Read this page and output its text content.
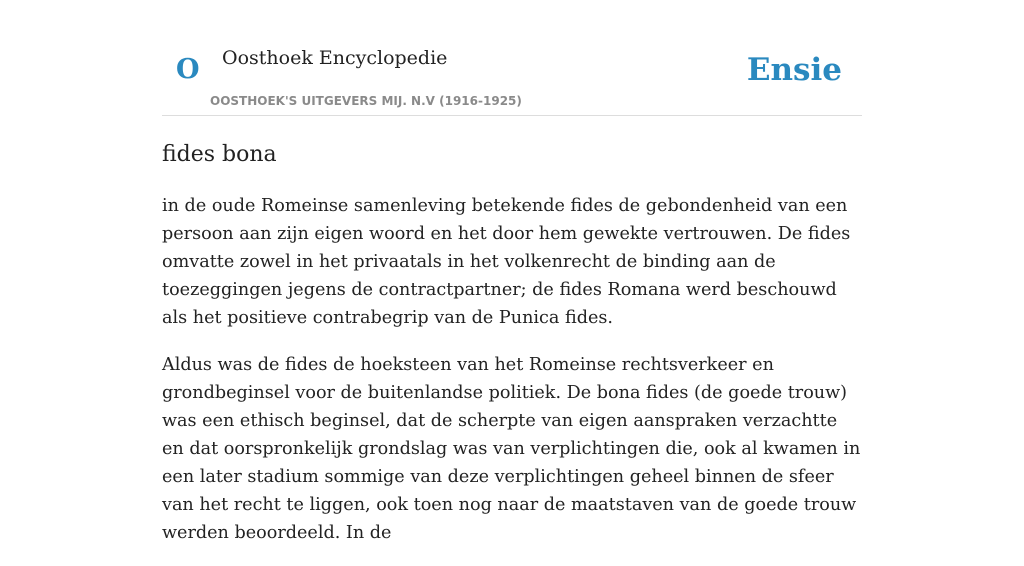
O Oosthoek Encyclopedie
OOSTHOEK'S UITGEVERS MIJ. N.V (1916-1925)
Ensie
fides bona

in de oude Romeinse samenleving betekende fides de gebondenheid van een persoon aan zijn eigen woord en het door hem gewekte vertrouwen. De fides omvatte zowel in het privaatals in het volkenrecht de binding aan de toezeggingen jegens de contractpartner; de fides Romana werd beschouwd als het positieve contrabegrip van de Punica fides.

Aldus was de fides de hoeksteen van het Romeinse rechtsverkeer en grondbeginsel voor de buitenlandse politiek. De bona fides (de goede trouw) was een ethisch beginsel, dat de scherpte van eigen aanspraken verzachtte en dat oorspronkelijk grondslag was van verplichtingen die, ook al kwamen in een later stadium sommige van deze verplichtingen geheel binnen de sfeer van het recht te liggen, ook toen nog naar de maatstaven van de goede trouw werden beoordeeld. In de
